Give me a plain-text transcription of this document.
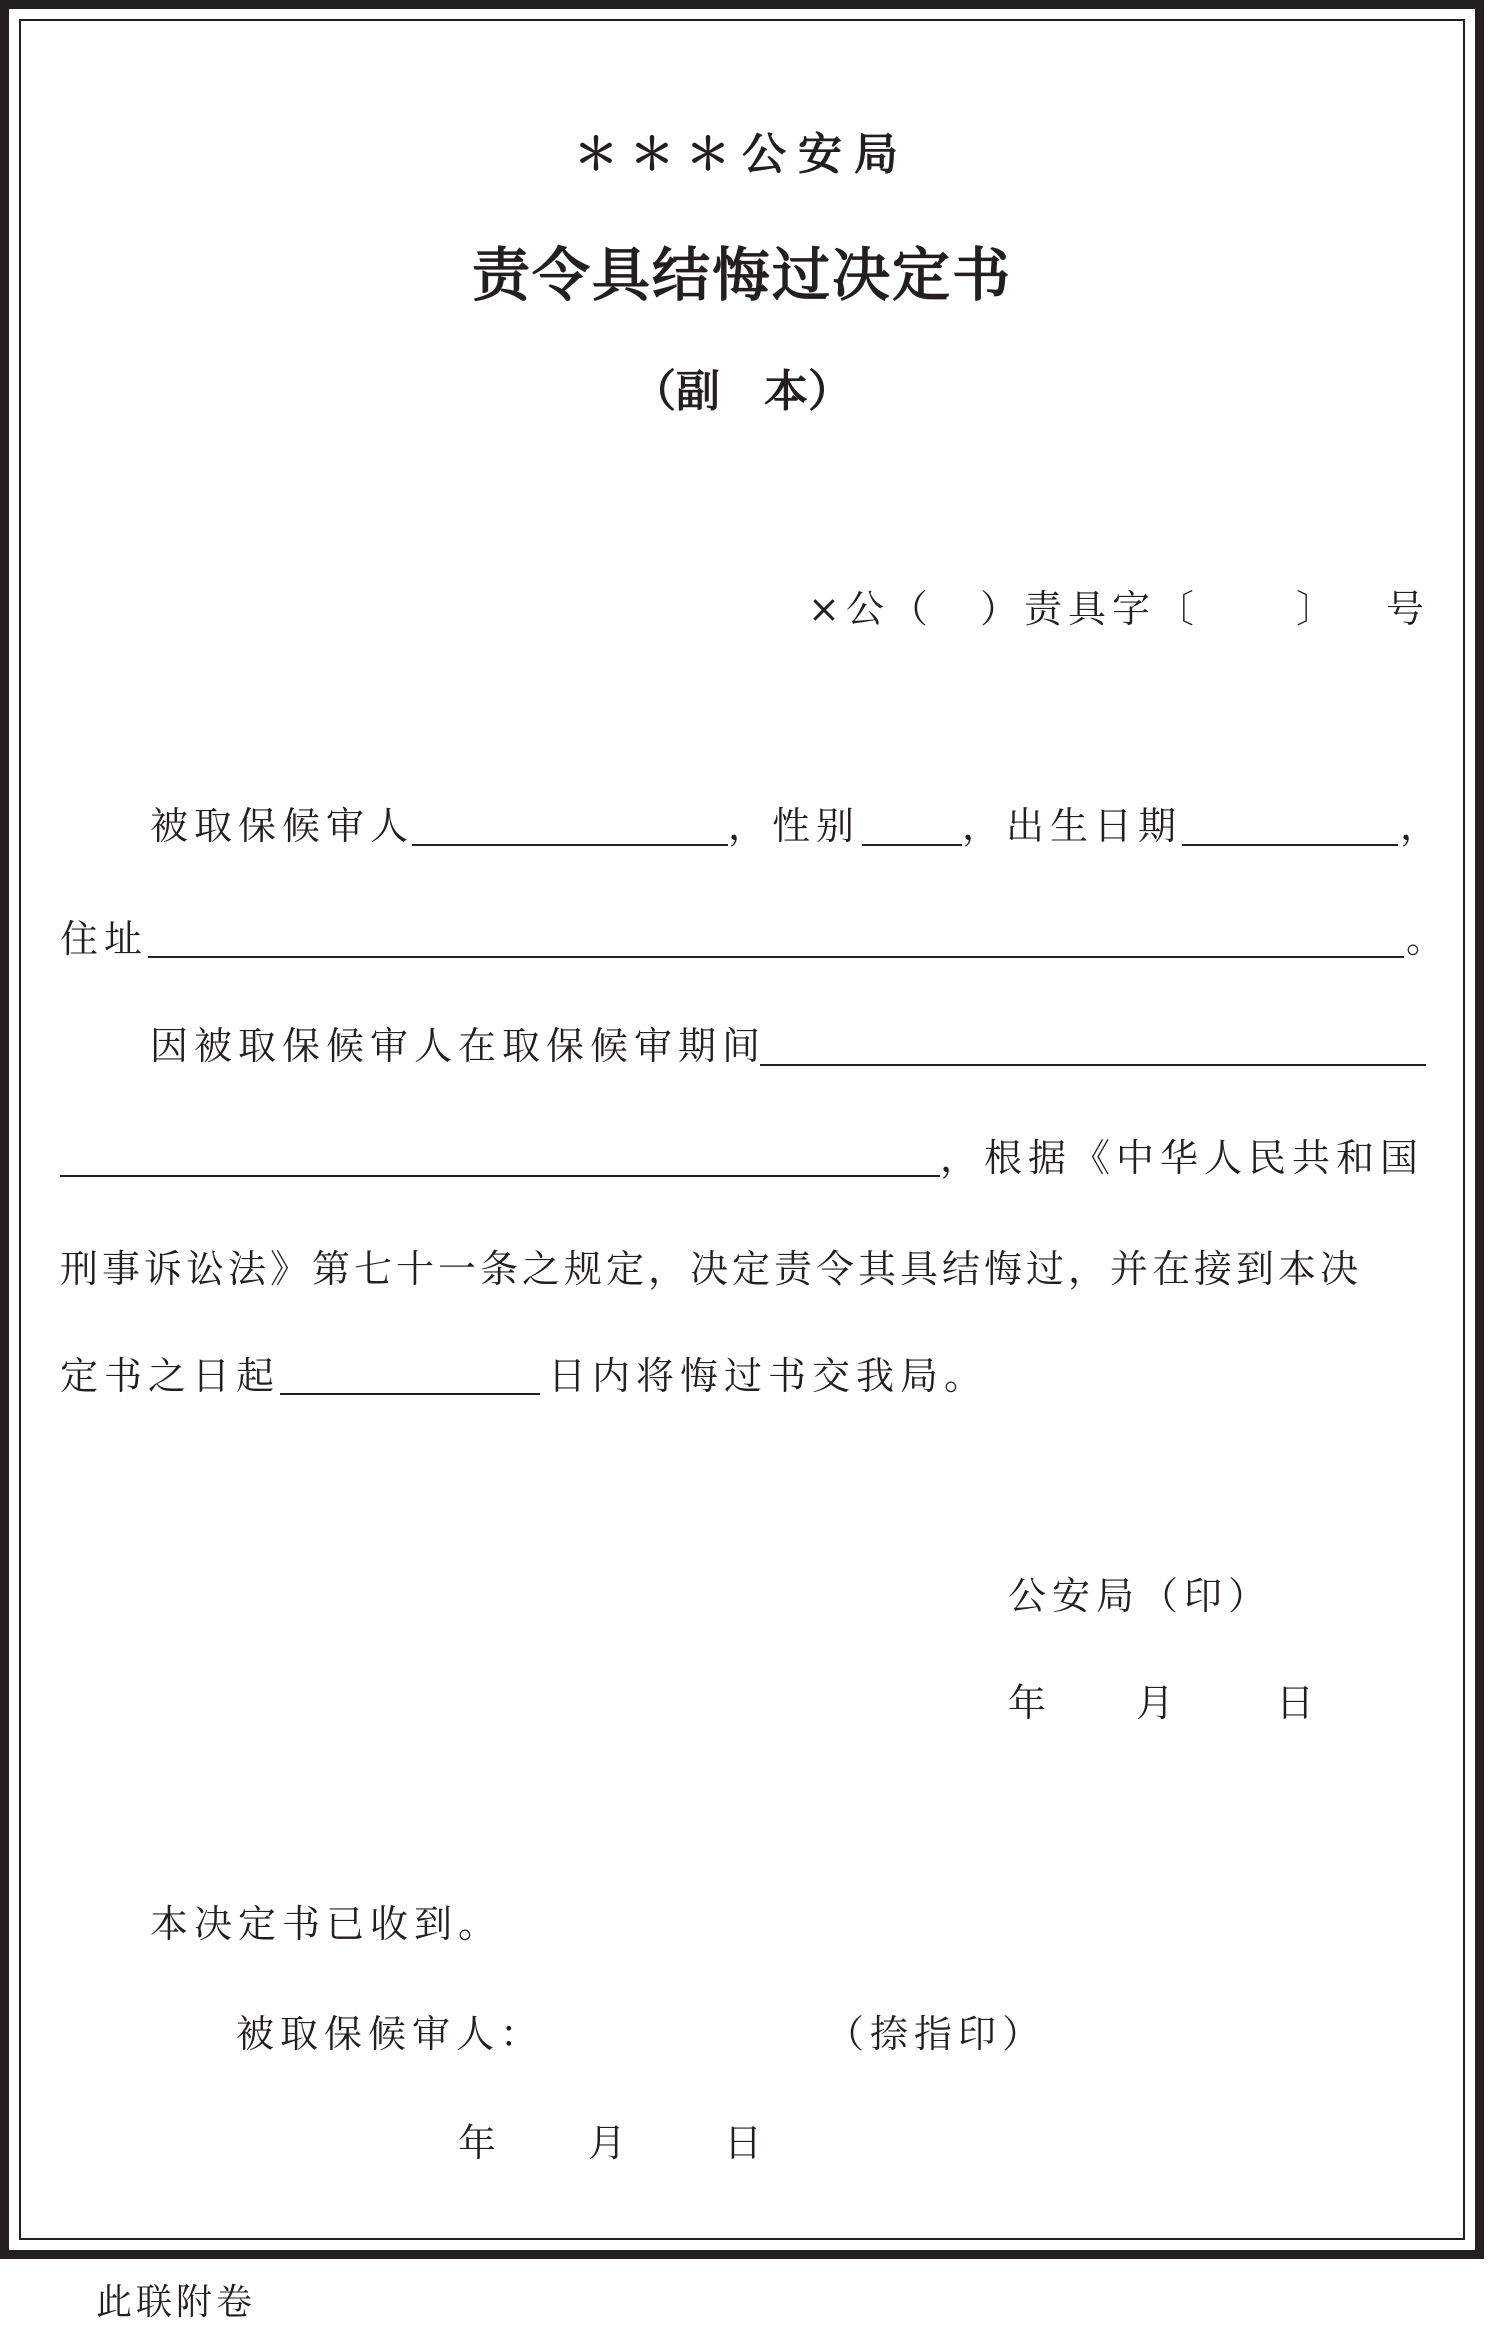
＊＊＊公安局
责令具结悔过决定书
（副　本）
×公（ ）责具字〔	〕 号
被取保候审人	，性别	，出生日期	，
住址	。
因被取保候审人在取保候审期间
，根据《中华人民共和国
刑事诉讼法》第七十一条之规定，决定责令其具结悔过，并在接到本决
定书之日起	日内将悔过书交我局。
公安局（印）
年 月	日
本决定书已收到。
被取保候审人：	（捺指印）
年 月 日
此联附卷
